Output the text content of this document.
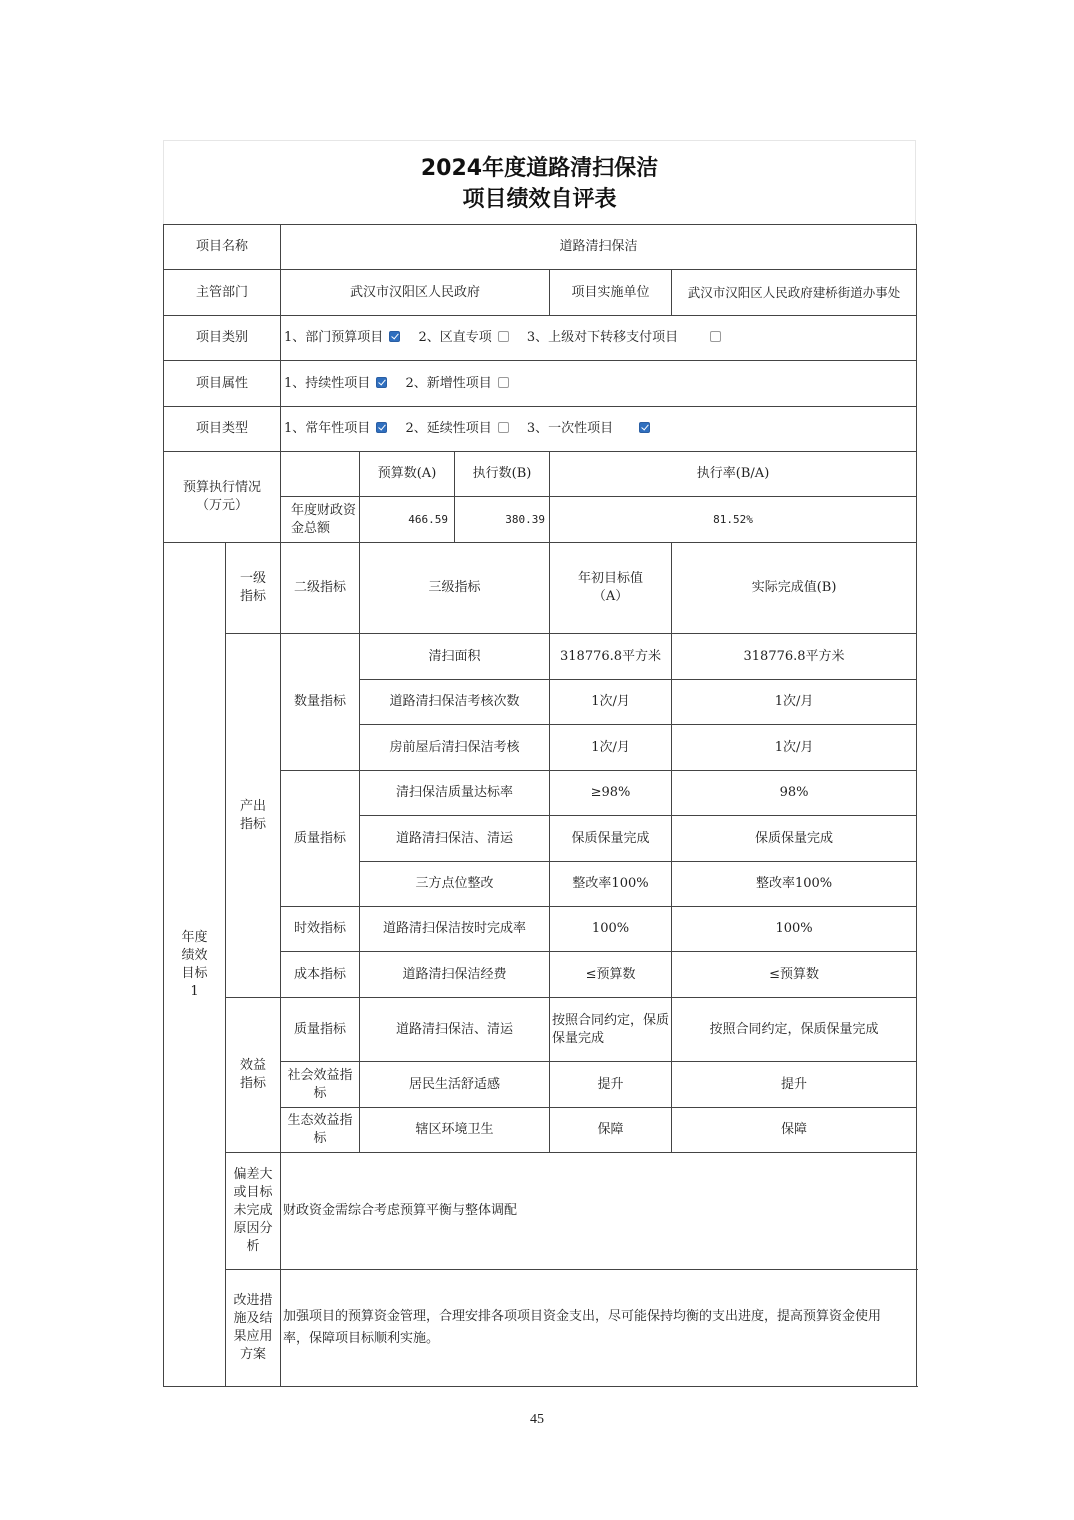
2024年度道路清扫保洁
项目绩效自评表
项目名称		道路清扫保洁				
主管部门		武汉市汉阳区人民政府			项目实施单位	武汉市汉阳区人民政府建桥街道办事处
项目类别		1、部门预算项目 2、区直专项 3、上级对下转移支付项目				
项目属性		1、持续性项目 2、新增性项目				
项目类型		1、常年性项目 2、延续性项目 3、一次性项目				
预算执行情况（万元）			预算数(A)	执行数(B)	执行率(B/A)	
		年度财政资金总额	466.59	380.39	81.52%	
年度绩效目标1	一级指标	二级指标	三级指标		年初目标值（A）	实际完成值(B)
	产出指标	数量指标	清扫面积		318776.8平方米	318776.8平方米
			道路清扫保洁考核次数		1次/月	1次/月
			房前屋后清扫保洁考核		1次/月	1次/月
		质量指标	清扫保洁质量达标率		≥98%	98%
			道路清扫保洁、清运		保质保量完成	保质保量完成
			三方点位整改		整改率100%	整改率100%
		时效指标	道路清扫保洁按时完成率		100%	100%
		成本指标	道路清扫保洁经费		≤预算数	≤预算数
	效益指标	质量指标	道路清扫保洁、清运		按照合同约定，保质保量完成	按照合同约定，保质保量完成
		社会效益指标	居民生活舒适感		提升	提升
		生态效益指标	辖区环境卫生		保障	保障
	偏差大或目标未完成原因分析	财政资金需综合考虑预算平衡与整体调配				
	改进措施及结果应用方案	加强项目的预算资金管理，合理安排各项项目资金支出，尽可能保持均衡的支出进度，提高预算资金使用率，保障项目标顺利实施。				
45
